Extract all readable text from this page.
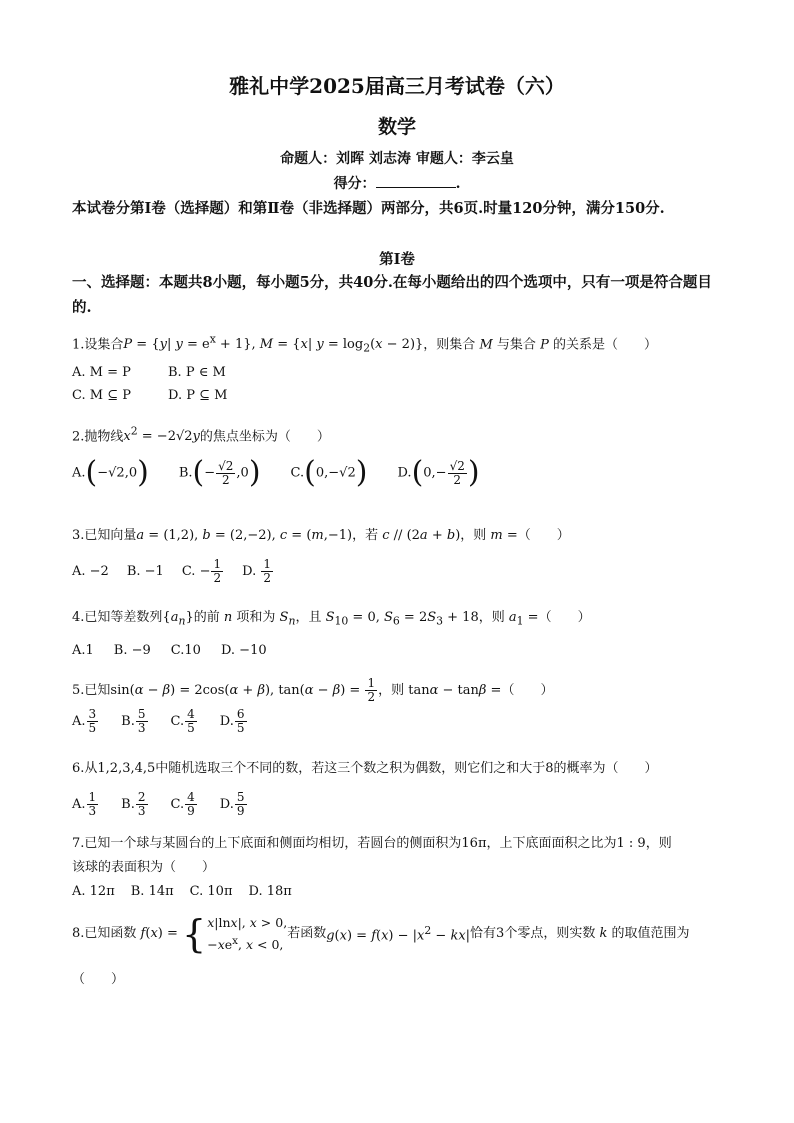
雅礼中学2025届高三月考试卷（六）
数学
命题人：刘晖 刘志涛 审题人：李云皇
得分：	.
本试卷分第Ⅰ卷（选择题）和第Ⅱ卷（非选择题）两部分，共6页.时量120分钟，满分150分.
第Ⅰ卷
一、选择题：本题共8小题，每小题5分，共40分.在每小题给出的四个选项中，只有一项是符合题目的.
1.设集合P = {y| $y = e^x + 1$}, M = {x| $y = \log_2(x - 2)$}，则集合 M 与集合 P 的关系是（　　）
A. M = P	B. P ∈ M
C. M ⊆ P	D. P ⊆ M
2.抛物线$x^2 = -2√2y$的焦点坐标为（　　）
A.(−√2,0) $B.(- \frac{√2}{2} ,0)$ C.(0,−√2) $D.(0,- \frac{√2}{2}$ )
3.已知向量a = (1,2), b = (2,−2), c = (m,−1)，若 c // (2a + b)，则 m =（　　）
A. −2 B. −1 C. − $\frac{1}{2} D$. $\frac{1}{2}$
4.已知等差数列$\{a_n\}$的前 n 项和为 $S_n$，且 $S_{10} = 0$, $S_6 = 2S_3 + 18$，则 $a_1$ =（　　）
A.1 B. −9 C.10 D. −10
5.已知sin(α − β) = 2cos(α + β), $\tan(\alpha - \beta) = \frac{1}{2}$ ，则 tanα − tanβ =（　　）
A. $\frac{3}{5} B$. $\frac{5}{3} C$. $\frac{4}{5} D$. $\frac{6}{5}$
6.从1,2,3,4,5中随机选取三个不同的数，若这三个数之积为偶数，则它们之和大于8的概率为（　　）
A. $\frac{1}{3} B$. $\frac{2}{3} C$. $\frac{4}{9} D$. $\frac{5}{9}$
7.已知一个球与某圆台的上下底面和侧面均相切，若圆台的侧面积为16π，上下底面面积之比为1 : 9，则
该球的表面积为（　　）
A. 12π B. 14π C. 10π D. 18π
8.已知函数 f(x) = { x|lnx|, x > 0,
$-xe^x$, x < 0,
若函数 $g(x) = f(x) - |x^2 - kx|$ 恰有3个零点，则实数 k 的取值范围为
（　　）
